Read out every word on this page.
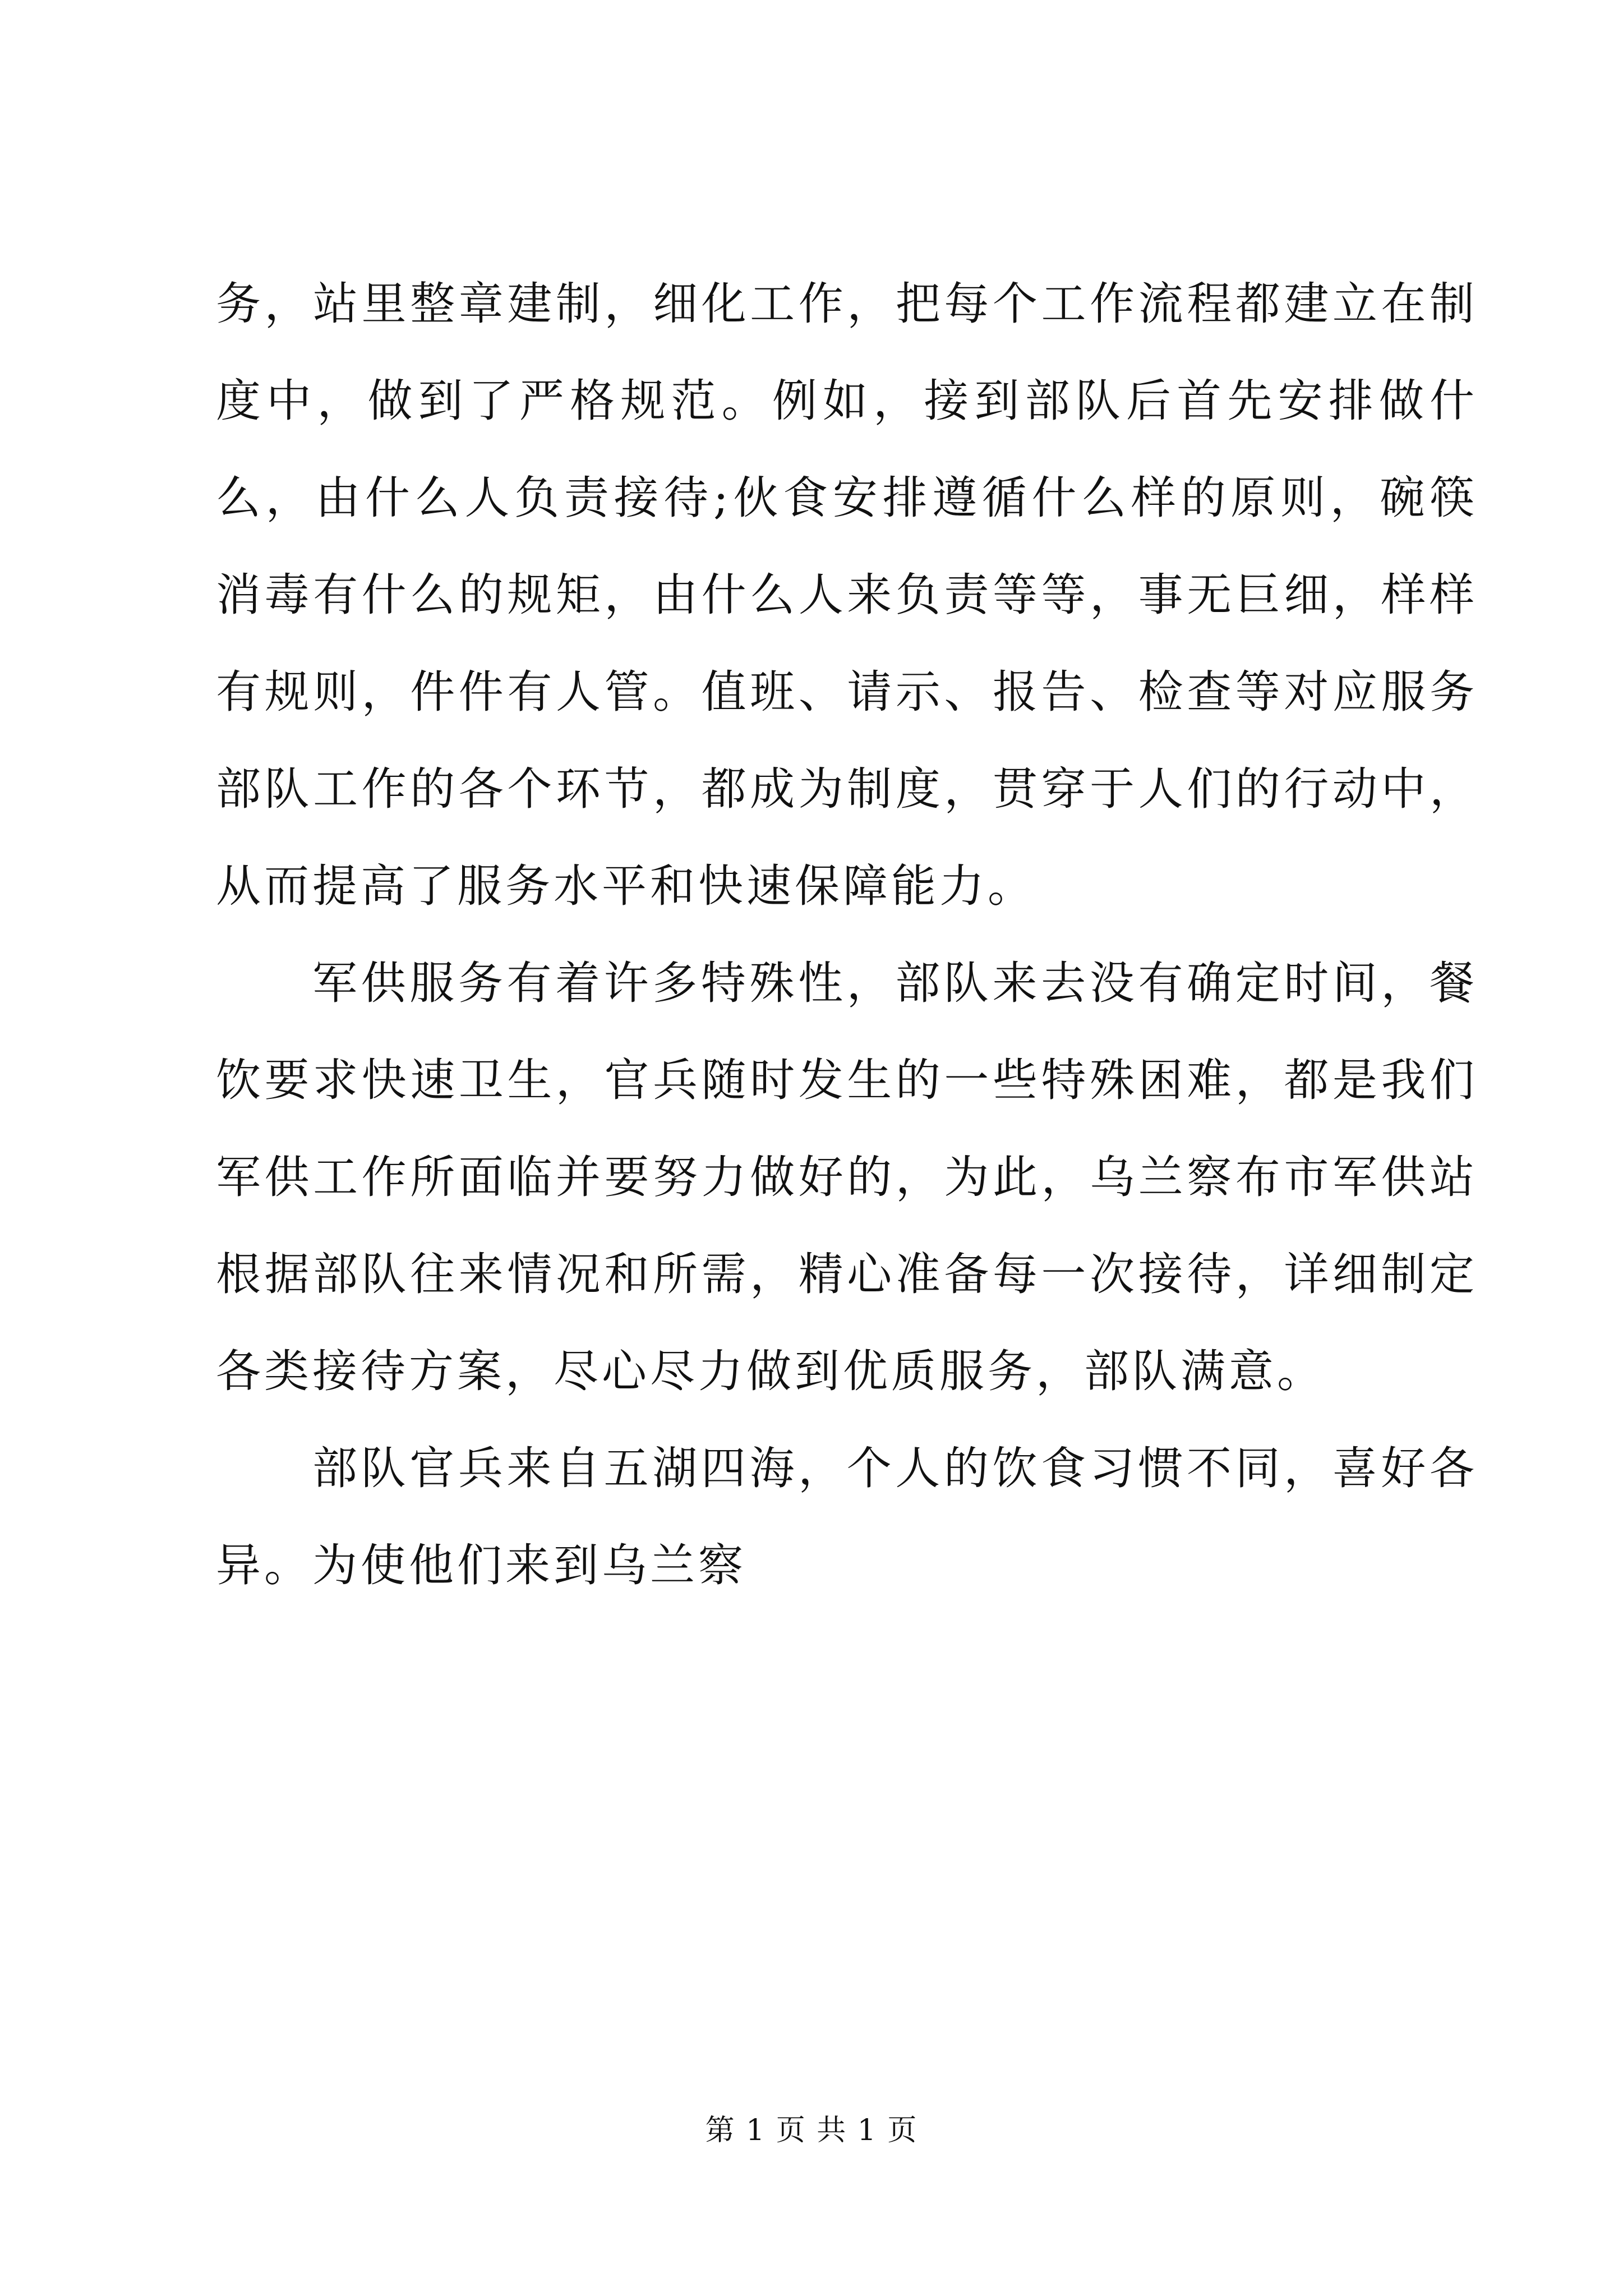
务，站里整章建制，细化工作，把每个工作流程都建立在制度中，做到了严格规范。例如，接到部队后首先安排做什么，由什么人负责接待;伙食安排遵循什么样的原则，碗筷消毒有什么的规矩，由什么人来负责等等，事无巨细，样样有规则，件件有人管。值班、请示、报告、检查等对应服务部队工作的各个环节，都成为制度，贯穿于人们的行动中，从而提高了服务水平和快速保障能力。

军供服务有着许多特殊性，部队来去没有确定时间，餐饮要求快速卫生，官兵随时发生的一些特殊困难，都是我们军供工作所面临并要努力做好的，为此，乌兰察布市军供站根据部队往来情况和所需，精心准备每一次接待，详细制定各类接待方案，尽心尽力做到优质服务，部队满意。

部队官兵来自五湖四海，个人的饮食习惯不同，喜好各异。为使他们来到乌兰察

第 1 页 共 1 页
